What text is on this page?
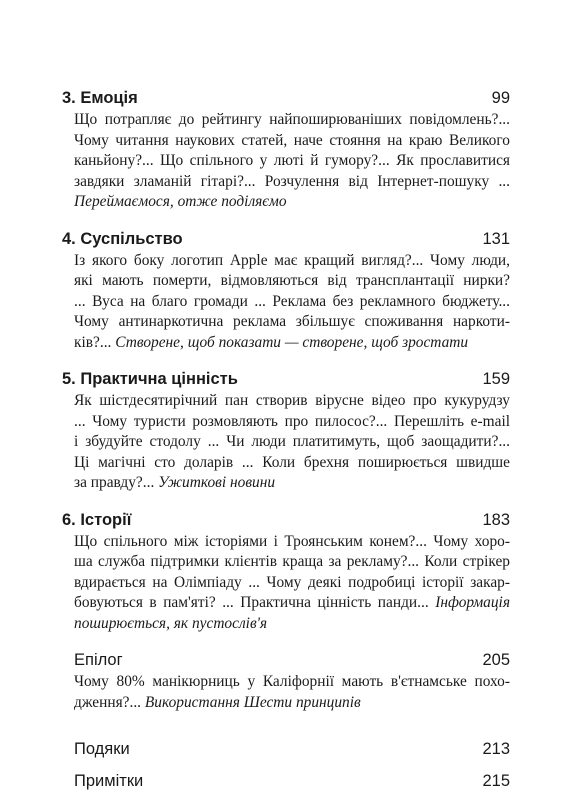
3. Емоція	99
Що потрапляє до рейтингу найпоширюваніших повідомлень?...
Чому читання наукових статей, наче стояння на краю Великого
каньйону?... Що спільного у люті й гумору?... Як прославитися
завдяки зламаній гітарі?... Розчулення від Інтернет-пошуку ...
Переймаємося, отже поділяємо
4. Суспільство	131
Із якого боку логотип Apple має кращий вигляд?... Чому люди,
які мають померти, відмовляються від трансплантації нирки?
... Вуса на благо громади ... Реклама без рекламного бюджету...
Чому антинаркотична реклама збільшує споживання наркоти-
ків?... Створене, щоб показати — створене, щоб зростати
5. Практична цінність	159
Як шістдесятирічний пан створив вірусне відео про кукурудзу
... Чому туристи розмовляють про пилосос?... Перешліть e-mail
і збудуйте стодолу ... Чи люди платитимуть, щоб заощадити?...
Ці магічні сто доларів ... Коли брехня поширюється швидше
за правду?... Ужиткові новини
6. Історії	183
Що спільного між історіями і Троянським конем?... Чому хоро-
ша служба підтримки клієнтів краща за рекламу?... Коли стрікер
вдирається на Олімпіаду ... Чому деякі подробиці історії закар-
бовуються в пам'яті? ... Практична цінність панди... Інформація
поширюється, як пустослів'я
Епілог	205
Чому 80% манікюрниць у Каліфорнії мають в'єтнамське похо-
дження?... Використання Шести принципів
Подяки	213
Примітки	215
